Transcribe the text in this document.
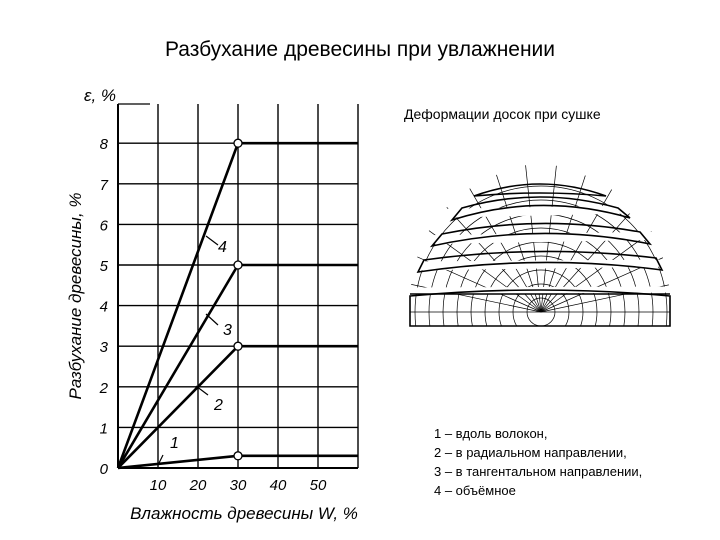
Разбухание древесины при увлажнении
Деформации досок при сушке
1 – вдоль волокон,
2 – в радиальном направлении,
3 – в тангентальном направлении,
4 – объёмное
0
1
2
3
4
5
6
7
8
10 20 30 40 50
ε, %
Разбухание древесины, %
Влажность древесины W, %
1
2
3
4
